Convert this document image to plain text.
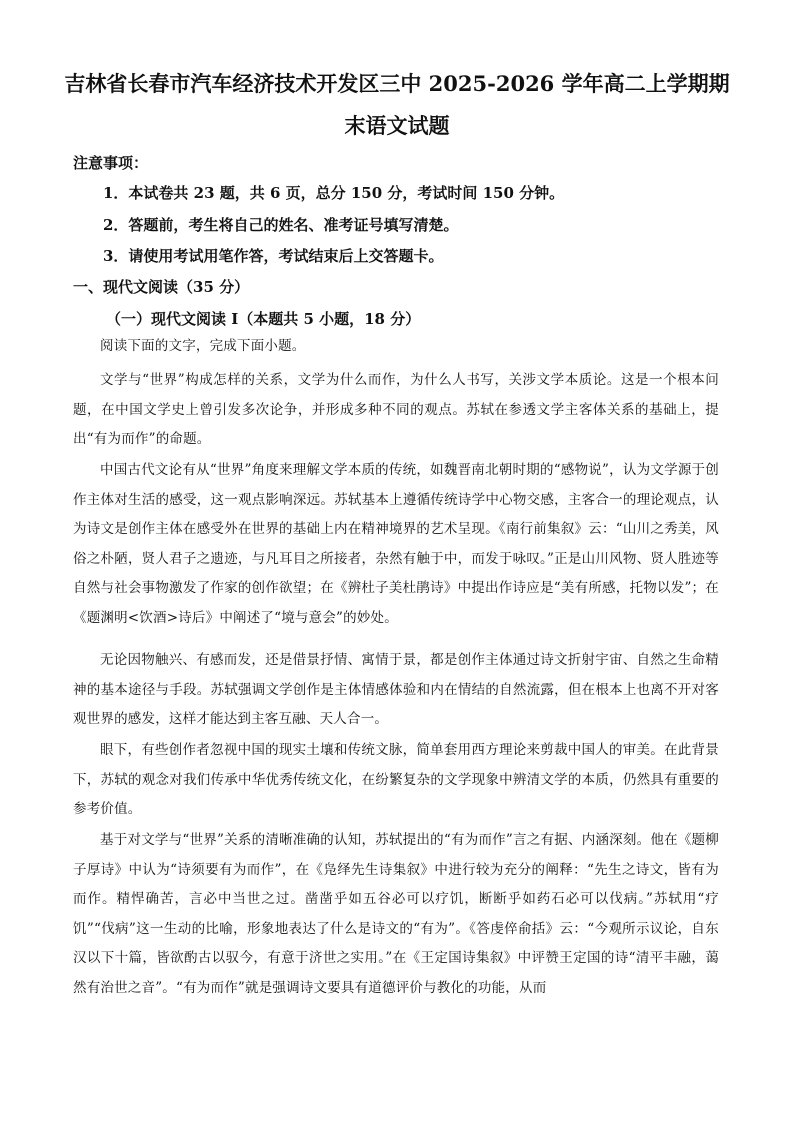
吉林省长春市汽车经济技术开发区三中 2025-2026 学年高二上学期期
末语文试题
注意事项：
1．本试卷共 23 题，共 6 页，总分 150 分，考试时间 150 分钟。
2．答题前，考生将自己的姓名、准考证号填写清楚。
3．请使用考试用笔作答，考试结束后上交答题卡。
一、现代文阅读（35 分）
（一）现代文阅读 I（本题共 5 小题，18 分）
阅读下面的文字，完成下面小题。
文学与“世界”构成怎样的关系，文学为什么而作，为什么人书写，关涉文学本质论。这是一个根本问题，在中国文学史上曾引发多次论争，并形成多种不同的观点。苏轼在参透文学主客体关系的基础上，提出“有为而作”的命题。
中国古代文论有从“世界”角度来理解文学本质的传统，如魏晋南北朝时期的“感物说”，认为文学源于创作主体对生活的感受，这一观点影响深远。苏轼基本上遵循传统诗学中心物交感，主客合一的理论观点，认为诗文是创作主体在感受外在世界的基础上内在精神境界的艺术呈现。《南行前集叙》云：“山川之秀美，风俗之朴陋，贤人君子之遗迹，与凡耳目之所接者，杂然有触于中，而发于咏叹。”正是山川风物、贤人胜迹等自然与社会事物激发了作家的创作欲望；在《辨杜子美杜鹃诗》中提出作诗应是“美有所感，托物以发”；在《题渊明<饮酒>诗后》中阐述了“境与意会”的妙处。
无论因物触兴、有感而发，还是借景抒情、寓情于景，都是创作主体通过诗文折射宇宙、自然之生命精神的基本途径与手段。苏轼强调文学创作是主体情感体验和内在情结的自然流露，但在根本上也离不开对客观世界的感发，这样才能达到主客互融、天人合一。
眼下，有些创作者忽视中国的现实土壤和传统文脉，简单套用西方理论来剪裁中国人的审美。在此背景下，苏轼的观念对我们传承中华优秀传统文化，在纷繁复杂的文学现象中辨清文学的本质，仍然具有重要的参考价值。
基于对文学与“世界”关系的清晰准确的认知，苏轼提出的“有为而作”言之有据、内涵深刻。他在《题柳子厚诗》中认为“诗须要有为而作”，在《凫绎先生诗集叙》中进行较为充分的阐释：“先生之诗文，皆有为而作。精悍确苦，言必中当世之过。凿凿乎如五谷必可以疗饥，断断乎如药石必可以伐病。”苏轼用“疗饥”“伐病”这一生动的比喻，形象地表达了什么是诗文的“有为”。《答虔倅俞括》云：“今观所示议论，自东汉以下十篇，皆欲酌古以驭今，有意于济世之实用。”在《王定国诗集叙》中评赞王定国的诗“清平丰融，蔼然有治世之音”。“有为而作”就是强调诗文要具有道德评价与教化的功能，从而
